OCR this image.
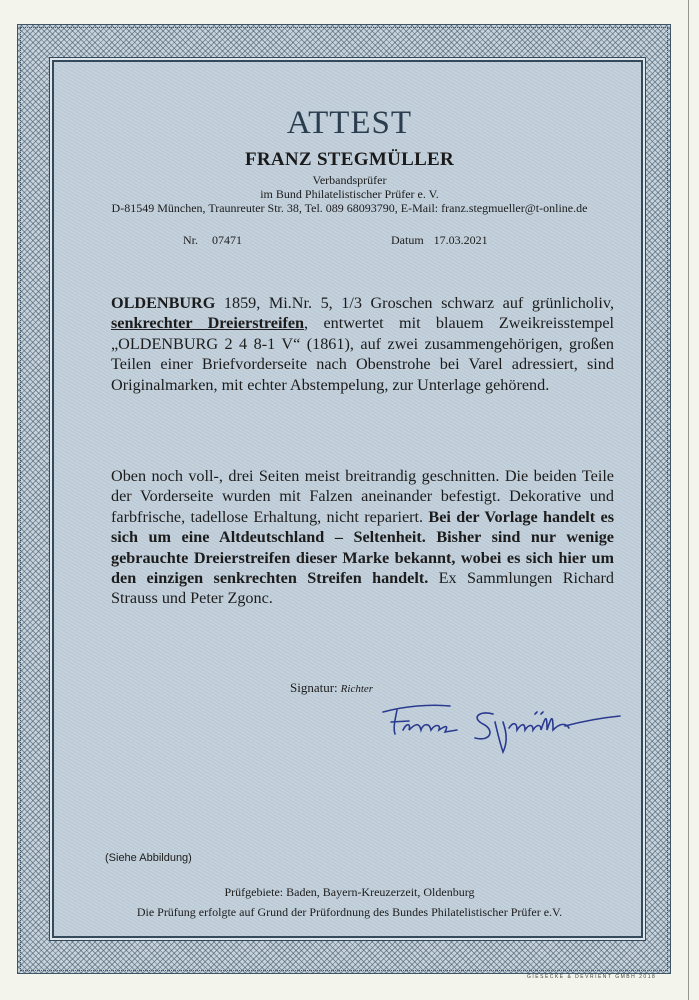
ATTEST
FRANZ STEGMÜLLER
Verbandsprüfer
im Bund Philatelistischer Prüfer e. V.
D-81549 München, Traunreuter Str. 38, Tel. 089 68093790, E-Mail: franz.stegmueller@t-online.de
Nr. 07471	Datum 17.03.2021
OLDENBURG 1859, Mi.Nr. 5, 1/3 Groschen schwarz auf grünlicholiv, senkrechter Dreierstreifen, entwertet mit blauem Zweikreisstempel „OLDENBURG 2 4 8-1 V“ (1861), auf zwei zusammengehörigen, großen Teilen einer Briefvorderseite nach Obenstrohe bei Varel adressiert, sind Originalmarken, mit echter Abstempelung, zur Unterlage gehörend.
Oben noch voll-, drei Seiten meist breitrandig geschnitten. Die beiden Teile der Vorderseite wurden mit Falzen aneinander befestigt. Dekorative und farbfrische, tadellose Erhaltung, nicht repariert. Bei der Vorlage handelt es sich um eine Altdeutschland – Seltenheit. Bisher sind nur wenige gebrauchte Dreierstreifen dieser Marke bekannt, wobei es sich hier um den einzigen senkrechten Streifen handelt. Ex Sammlungen Richard Strauss und Peter Zgonc.
Signatur: Richter
(Siehe Abbildung)
Prüfgebiete: Baden, Bayern-Kreuzerzeit, Oldenburg
Die Prüfung erfolgte auf Grund der Prüfordnung des Bundes Philatelistischer Prüfer e.V.
GIESECKE & DEVRIENT GMBH 2018
